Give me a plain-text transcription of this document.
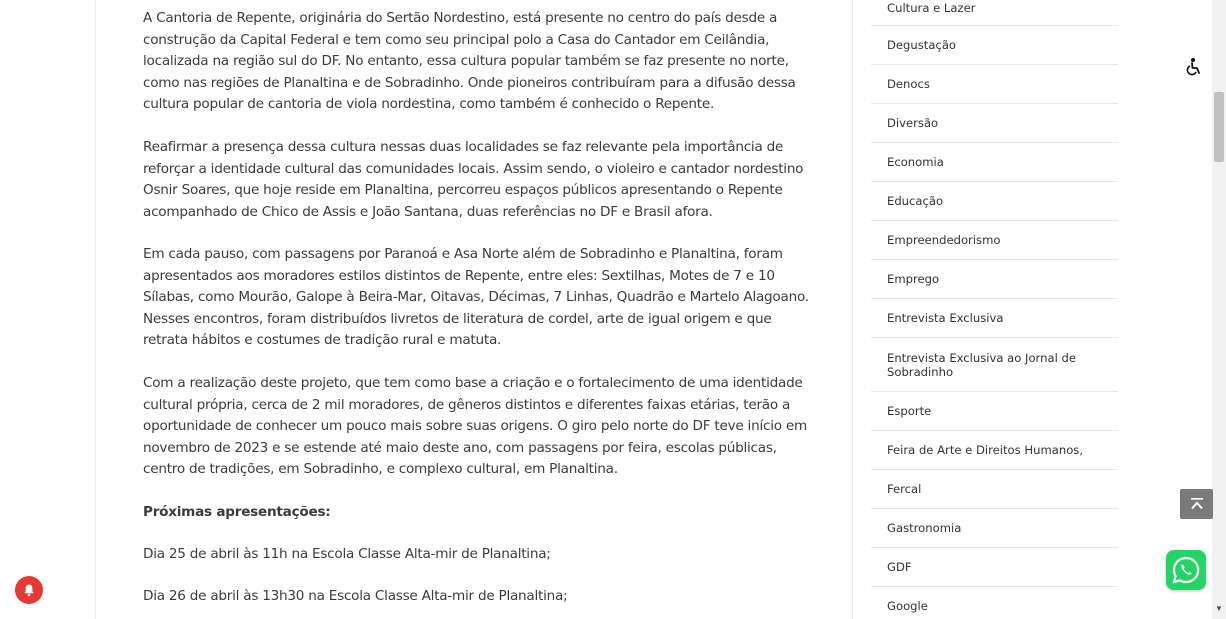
A Cantoria de Repente, originária do Sertão Nordestino, está presente no centro do país desde a construção da Capital Federal e tem como seu principal polo a Casa do Cantador em Ceilândia, localizada na região sul do DF. No entanto, essa cultura popular também se faz presente no norte, como nas regiões de Planaltina e de Sobradinho. Onde pioneiros contribuíram para a difusão dessa cultura popular de cantoria de viola nordestina, como também é conhecido o Repente.

Reafirmar a presença dessa cultura nessas duas localidades se faz relevante pela importância de reforçar a identidade cultural das comunidades locais. Assim sendo, o violeiro e cantador nordestino Osnir Soares, que hoje reside em Planaltina, percorreu espaços públicos apresentando o Repente acompanhado de Chico de Assis e João Santana, duas referências no DF e Brasil afora.

Em cada pauso, com passagens por Paranoá e Asa Norte além de Sobradinho e Planaltina, foram apresentados aos moradores estilos distintos de Repente, entre eles: Sextilhas, Motes de 7 e 10 Sílabas, como Mourão, Galope à Beira-Mar, Oitavas, Décimas, 7 Linhas, Quadrão e Martelo Alagoano. Nesses encontros, foram distribuídos livretos de literatura de cordel, arte de igual origem e que retrata hábitos e costumes de tradição rural e matuta.

Com a realização deste projeto, que tem como base a criação e o fortalecimento de uma identidade cultural própria, cerca de 2 mil moradores, de gêneros distintos e diferentes faixas etárias, terão a oportunidade de conhecer um pouco mais sobre suas origens. O giro pelo norte do DF teve início em novembro de 2023 e se estende até maio deste ano, com passagens por feira, escolas públicas, centro de tradições, em Sobradinho, e complexo cultural, em Planaltina.

Próximas apresentações:

Dia 25 de abril às 11h na Escola Classe Alta-mir de Planaltina;

Dia 26 de abril às 13h30 na Escola Classe Alta-mir de Planaltina;

Cultura e Lazer
Degustação
Denocs
Diversão
Economia
Educação
Empreendedorismo
Emprego
Entrevista Exclusiva
Entrevista Exclusiva ao Jornal de Sobradinho
Esporte
Feira de Arte e Direitos Humanos,
Fercal
Gastronomia
GDF
Google	▼
